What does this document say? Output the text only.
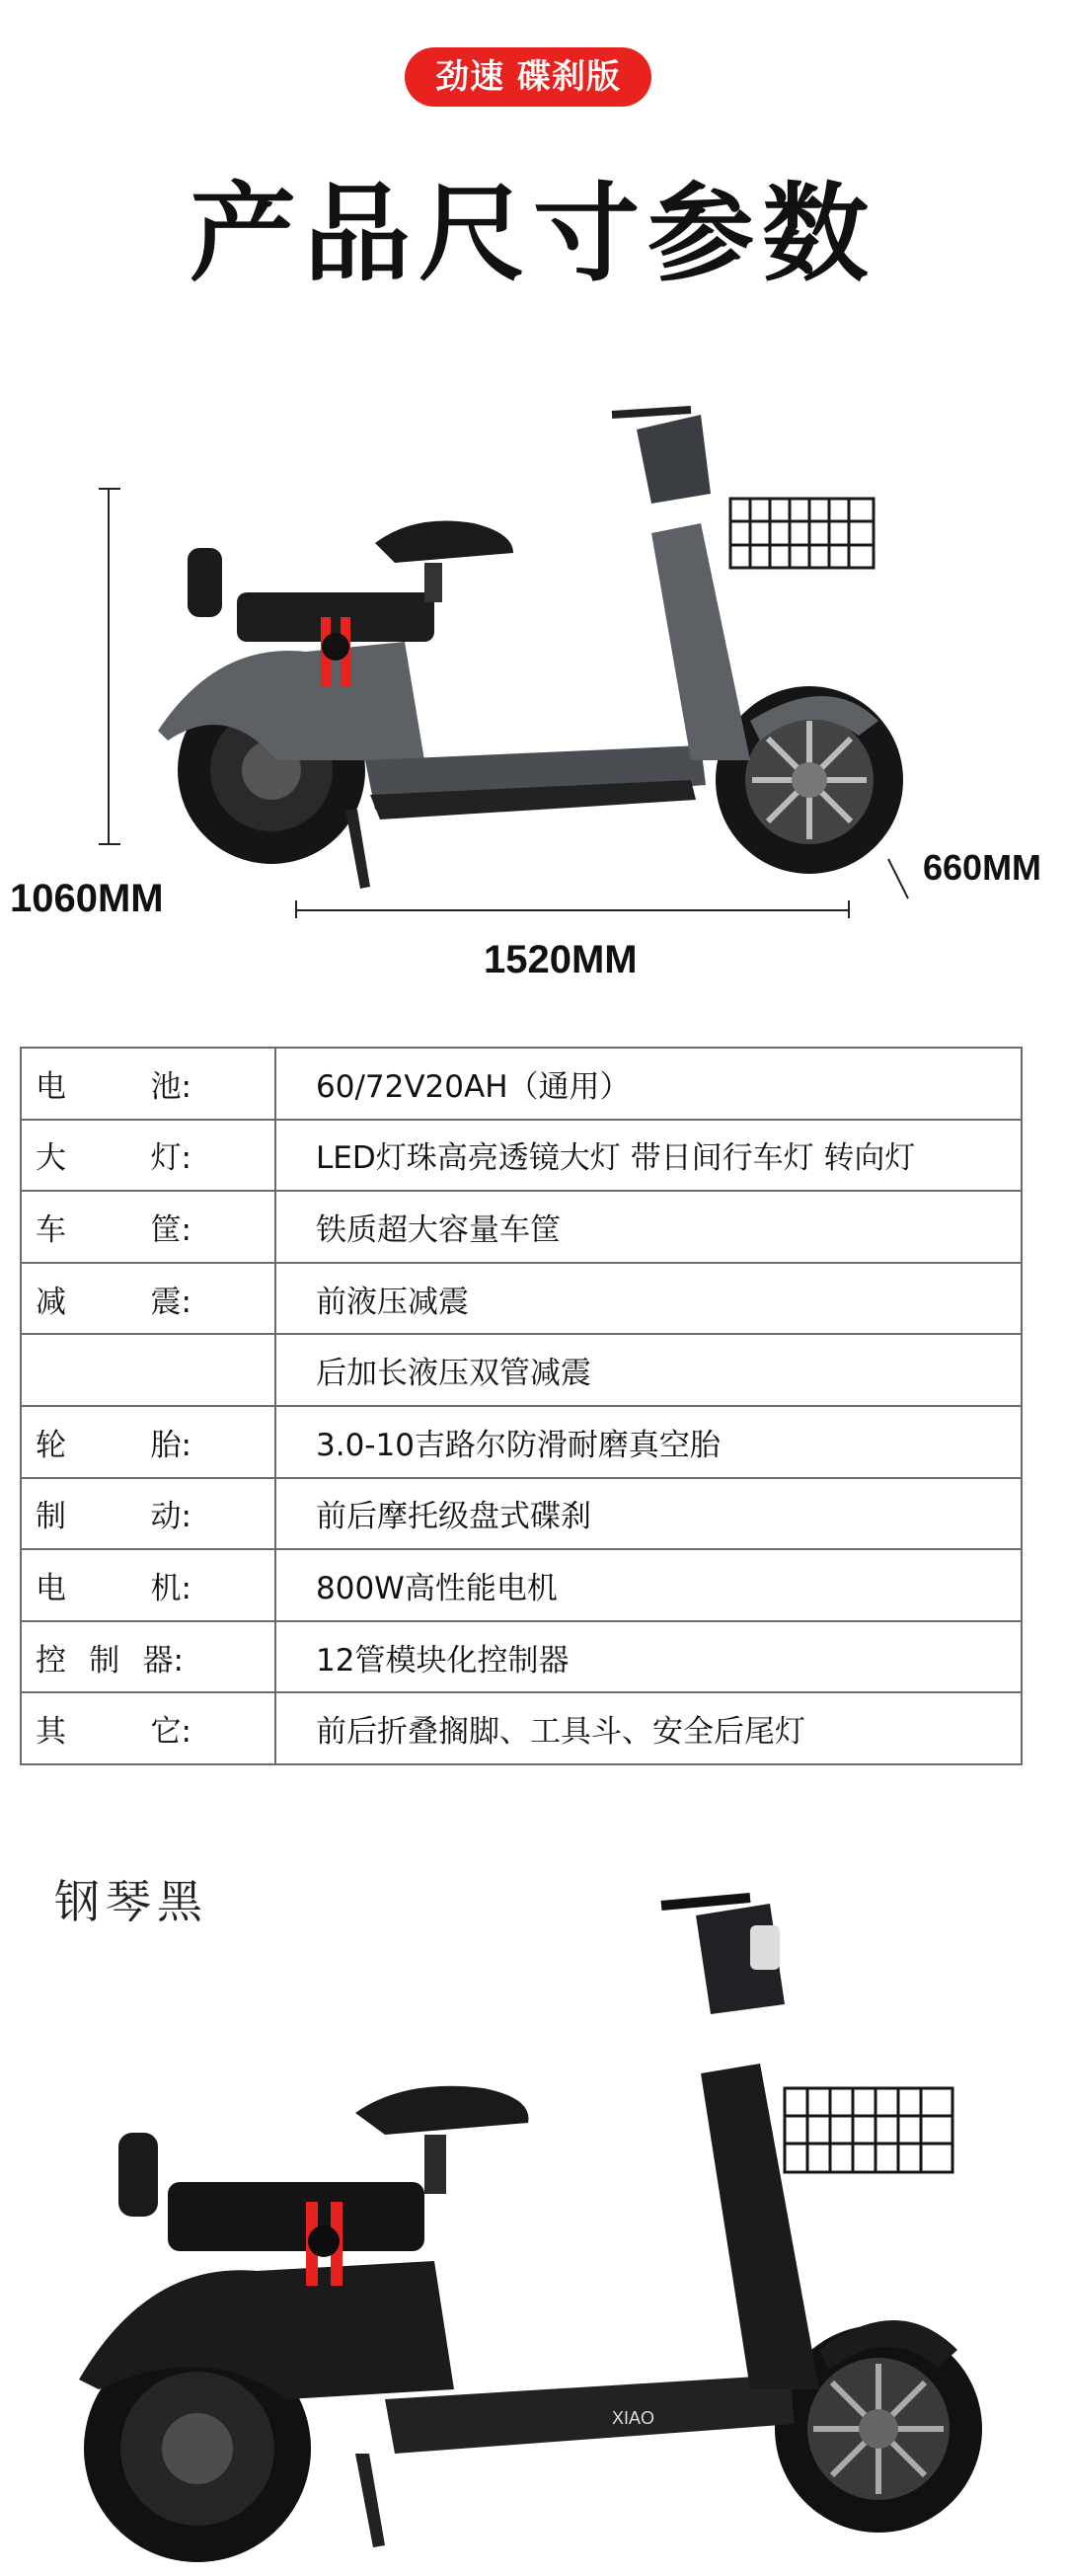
劲速 碟刹版
产品尺寸参数
1060MM
1520MM
660MM
电 池:	60/72V20AH（通用）

大 灯:	LED灯珠高亮透镜大灯 带日间行车灯 转向灯

车 筐:	铁质超大容量车筐

减 震:	前液压减震
	后加长液压双管减震

轮 胎:	3.0-10吉路尔防滑耐磨真空胎

制 动:	前后摩托级盘式碟刹

电 机:	800W高性能电机

控 制 器:	12管模块化控制器

其 它:	前后折叠搁脚、工具斗、安全后尾灯
钢琴黑
XIAO
